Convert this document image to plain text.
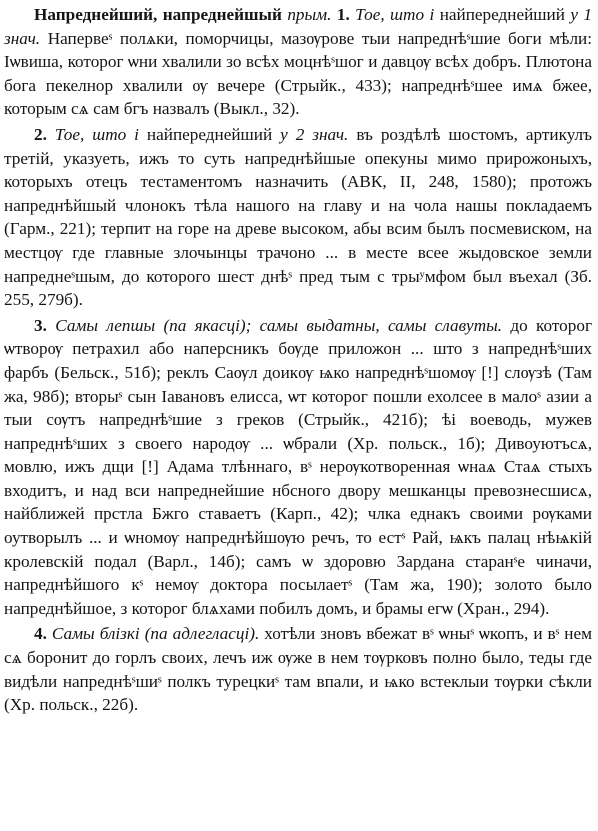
Напреднейший, напреднейшый прым. 1. Тое, што і найпереднейший у 1 знач. Напервеˢ полѧки, поморчицы, мазѹрове тыи напреднѣˢшие боги мѣли: Іѡвиша, которог ѡни хвалили зо всѣх моцнѣˢшог и давцѹ всѣх добръ. Плютона бога пекелнор хвалили ѹ вечере (Стрыйк., 433); напреднѣˢшее имѧ бжее, которым сѧ сам бгъ назвалъ (Выкл., 32).

2. Тое, што і найпереднейший у 2 знач. въ роздѣлѣ шостомъ, артикулъ третій, указуеть, ижъ то суть напреднѣйшые опекуны мимо прирожоныхъ, которыхъ отецъ тестаментомъ назначить (АВК, ІІ, 248, 1580); протожъ напреднѣйшый члонокъ тѣла нашого на главу и на чола нашы покладаемъ (Гарм., 221); терпит на горе на древе высоком, абы всим былъ посмевиском, на местцѹ где главные злочынцы трачоно ... в месте всее жыдовское земли напреднеˢшым, до которого шест днѣˢ пред тым с трыʸмфом был въехал (Зб. 255, 279б).

3. Самы лепшы (па якасці); самы выдатны, самы славуты. до которог ѡтворѹ петрахил або наперсникъ бѹде приложон ... што з напреднѣˢших фарбъ (Бельск., 51б); реклъ Саѹл доикѹ ѩко напреднѣˢшомѹ [!] слѹзѣ (Там жа, 98б); вторыˢ сын Іавановъ елисса, ѡт которог пошли ехолсее в малоˢ азии а тыи сѹтъ напреднѣˢшие з греков (Стрыйк., 421б); ѣі воеводь, мужев напреднѣˢших з своего народѹ ... ѡбрали (Хр. польск., 1б); Дивоуютъсѧ, мовлю, ижъ дщи [!] Адама тлѣннаго, вˢ нерѹкотворенная ѡнаѧ Стаѧ стыхъ входитъ, и над вси напреднейшие нбсного двору мешканцы превознесшисѧ, найближей прстла Бжго ставаетъ (Карп., 42); члка еднакъ своими рѹками оутворылъ ... и ѡномѹ напреднѣйшѹю речъ, то естˢ Рай, ѩкъ палац нѣѩкій кролевскій подал (Варл., 14б); самъ ѡ здоровю Зардана старанˢе чиначи, напреднѣйшого кˢ немѹ доктора посылаетˢ (Там жа, 190); золото было напреднѣйшое, з которог блѧхами побилъ домъ, и брамы егѡ (Хран., 294).

4. Самы блізкі (па адлегласці). хотѣли зновъ вбежат вˢ ѡныˢ ѡкопъ, и вˢ нем сѧ боронит до горлъ своих, лечъ иж ѹже в нем тѹрковъ полно было, теды где видѣли напреднѣˢшиˢ полкъ турецкиˢ там впали, и ѩко встеклыи тѹрки сѣкли (Хр. польск., 22б).
